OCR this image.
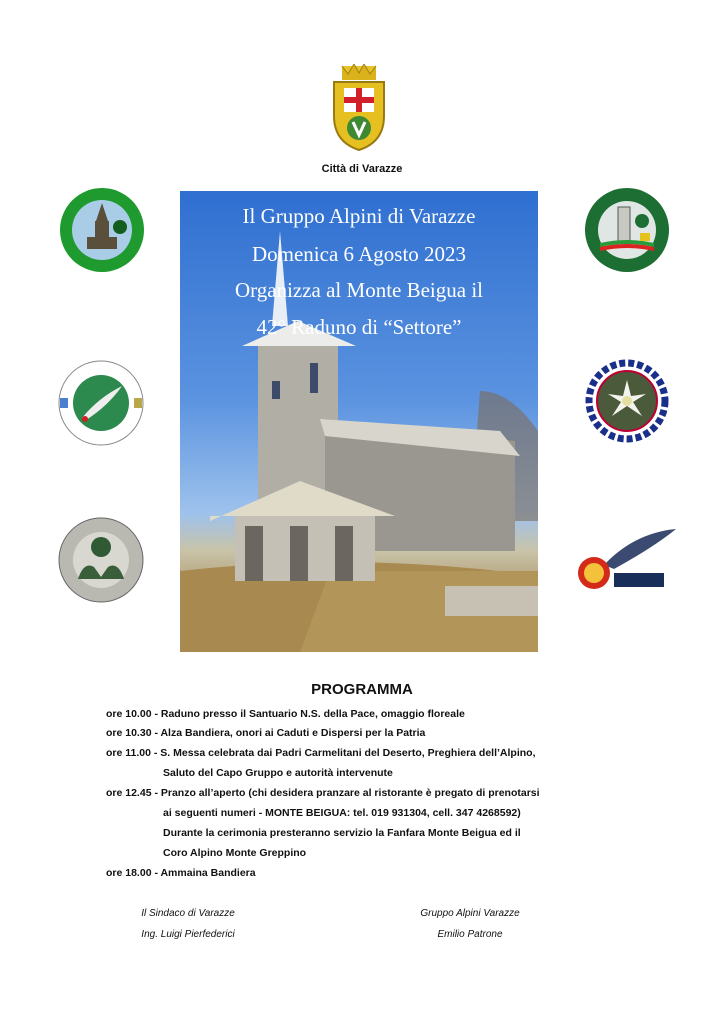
Città di Varazze
Il Gruppo Alpini di Varazze
Domenica 6 Agosto 2023
Organizza al Monte Beigua il
42° Raduno di “Settore”
PROGRAMMA
ore 10.00 - Raduno presso il Santuario N.S. della Pace, omaggio floreale
ore 10.30 - Alza Bandiera, onori ai Caduti e Dispersi per la Patria
ore 11.00 - S. Messa celebrata dai Padri Carmelitani del Deserto, Preghiera dell’Alpino,
Saluto del Capo Gruppo e autorità intervenute
ore 12.45 - Pranzo all’aperto (chi desidera pranzare al ristorante è pregato di prenotarsi
ai seguenti numeri - MONTE BEIGUA: tel. 019 931304, cell. 347 4268592)
Durante la cerimonia presteranno servizio la Fanfara Monte Beigua ed il
Coro Alpino Monte Greppino
ore 18.00 - Ammaina Bandiera
Il Sindaco di Varazze
Ing. Luigi Pierfederici
Gruppo Alpini Varazze
Emilio Patrone
